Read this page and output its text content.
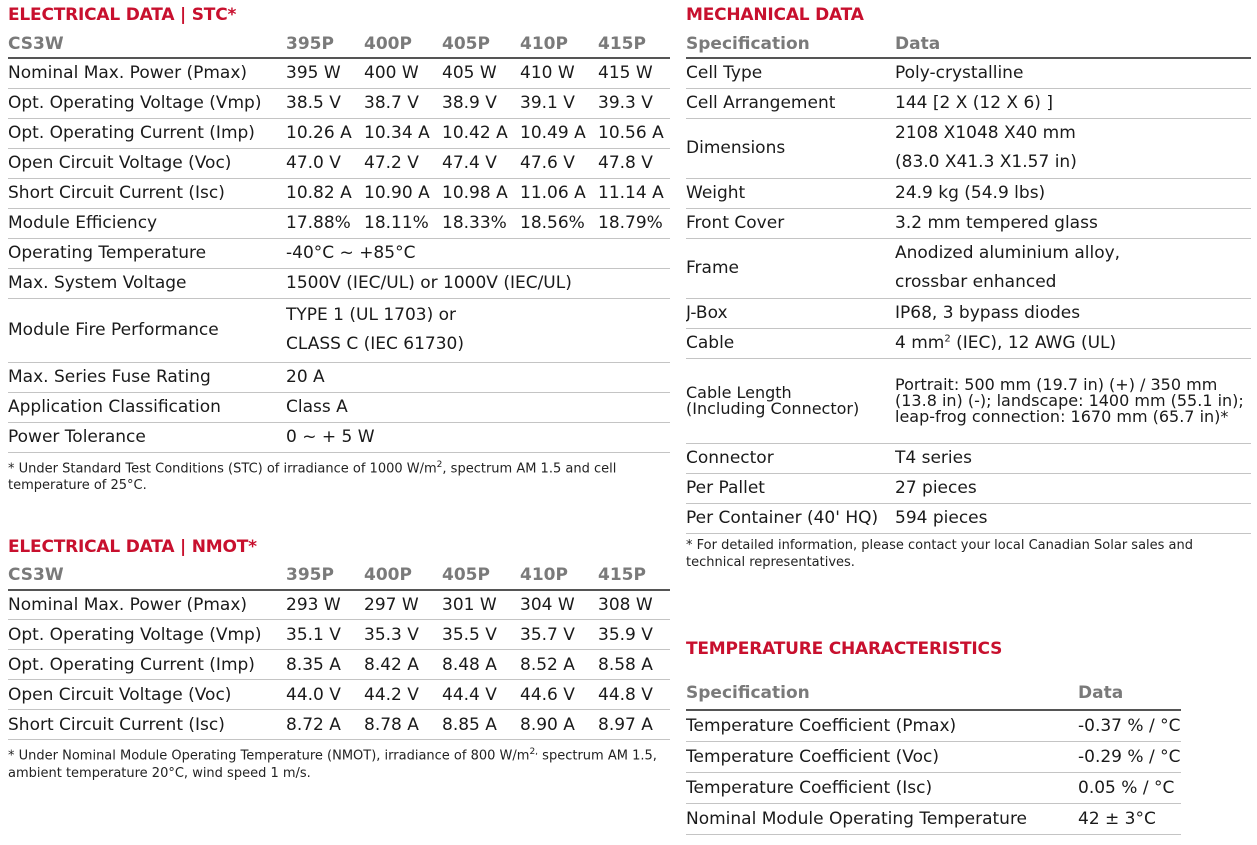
ELECTRICAL DATA | STC*
CS3W	395P	400P	405P	410P	415P
Nominal Max. Power (Pmax)	395 W	400 W	405 W	410 W	415 W
Opt. Operating Voltage (Vmp)	38.5 V	38.7 V	38.9 V	39.1 V	39.3 V
Opt. Operating Current (Imp)	10.26 A	10.34 A	10.42 A	10.49 A	10.56 A
Open Circuit Voltage (Voc)	47.0 V	47.2 V	47.4 V	47.6 V	47.8 V
Short Circuit Current (Isc)	10.82 A	10.90 A	10.98 A	11.06 A	11.14 A
Module Efficiency	17.88%	18.11%	18.33%	18.56%	18.79%
Operating Temperature	-40°C ~ +85°C				
Max. System Voltage	1500V (IEC/UL) or 1000V (IEC/UL)				
Module Fire Performance	TYPE 1 (UL 1703) or
CLASS C (IEC 61730)				

Max. Series Fuse Rating	20 A				
Application Classification	Class A				
Power Tolerance	0 ~ + 5 W				
* Under Standard Test Conditions (STC) of irradiance of 1000 $W/m^2$, spectrum AM 1.5 and cell temperature of 25°C.
ELECTRICAL DATA | NMOT*
CS3W	395P	400P	405P	410P	415P
Nominal Max. Power (Pmax)	293 W	297 W	301 W	304 W	308 W
Opt. Operating Voltage (Vmp)	35.1 V	35.3 V	35.5 V	35.7 V	35.9 V
Opt. Operating Current (Imp)	8.35 A	8.42 A	8.48 A	8.52 A	8.58 A
Open Circuit Voltage (Voc)	44.0 V	44.2 V	44.4 V	44.6 V	44.8 V
Short Circuit Current (Isc)	8.72 A	8.78 A	8.85 A	8.90 A	8.97 A
* Under Nominal Module Operating Temperature (NMOT), irradiance of 800 $W/m^{2,}$ spectrum AM 1.5, ambient temperature 20°C, wind speed 1 m/s.
MECHANICAL DATA
Specification	Data
Cell Type	Poly-crystalline
Cell Arrangement	144 [2 X (12 X 6) ]
Dimensions	2108 X1048 X40 mm
(83.0 X41.3 X1.57 in)

Weight	24.9 kg (54.9 lbs)
Front Cover	3.2 mm tempered glass
Frame	Anodized aluminium alloy,
crossbar enhanced

J-Box	IP68, 3 bypass diodes
Cable	4 $mm^2$ (IEC), 12 AWG (UL)

Cable Length
(Including Connector)	Portrait: 500 mm (19.7 in) (+) / 350 mm (13.8 in) (-); landscape: 1400 mm (55.1 in); leap-frog connection: 1670 mm (65.7 in)*
Connector	T4 series
Per Pallet	27 pieces
Per Container (40' HQ)	594 pieces
* For detailed information, please contact your local Canadian Solar sales and technical representatives.
TEMPERATURE CHARACTERISTICS
Specification	Data
Temperature Coefficient (Pmax)	-0.37 % / °C
Temperature Coefficient (Voc)	-0.29 % / °C
Temperature Coefficient (Isc)	0.05 % / °C
Nominal Module Operating Temperature	42 ± 3°C
